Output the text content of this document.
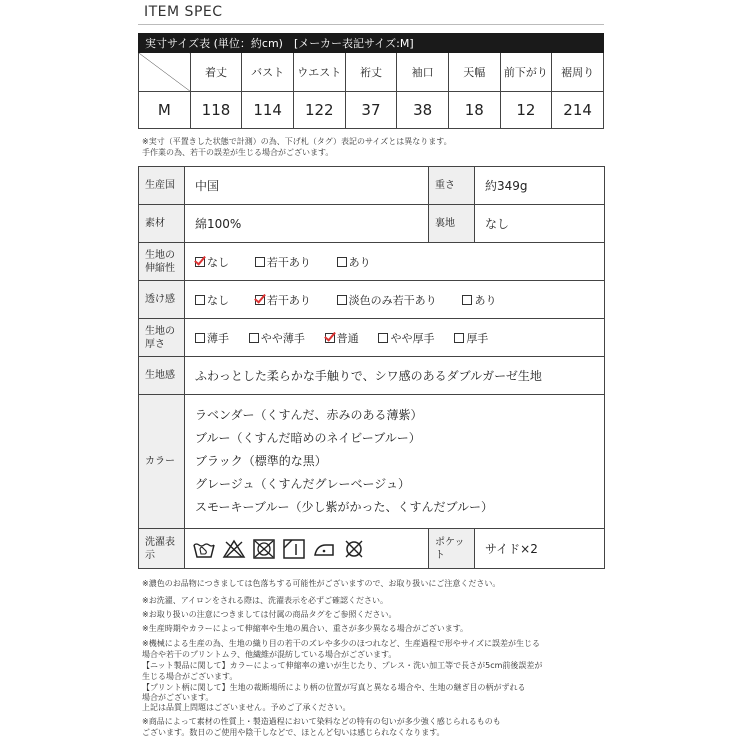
ITEM SPEC
実寸サイズ表 (単位：約cm)　[メーカー表記サイズ:M]								
	着丈	バスト	ウエスト	裄丈	袖口	天幅	前下がり	裾周り
M	118	114	122	37	38	18	12	214
※実寸（平置きした状態で計測）の為、下げ札（タグ）表記のサイズとは異なります。
手作業の為、若干の誤差が生じる場合がございます。
生産国	中国	重さ	約349g
素材	綿100%	裏地	なし
生地の伸縮性	なし 若干あり あり		
透け感	なし 若干あり 淡色のみ若干あり あり		
生地の厚さ	薄手 やや薄手 普通 やや厚手 厚手		
生地感	ふわっとした柔らかな手触りで、シワ感のあるダブルガーゼ生地		
カラー	ラベンダー（くすんだ、赤みのある薄紫）
ブルー（くすんだ暗めのネイビーブルー）
ブラック（標準的な黒）
グレージュ（くすんだグレーベージュ）
スモーキーブルー（少し紫がかった、くすんだブルー）		

洗濯表示		ポケット	サイド×2
※濃色のお品物につきましては色落ちする可能性がございますので、お取り扱いにご注意ください。
※お洗濯、アイロンをされる際は、洗濯表示を必ずご確認ください。
※お取り扱いの注意につきましては付属の商品タグをご参照ください。
※生産時期やカラーによって伸縮率や生地の風合い、重さが多少異なる場合がございます。
※機械による生産の為、生地の織り目の若干のズレや多少のほつれなど、生産過程で形やサイズに誤差が生じる
場合や若干のプリントムラ、他繊維が混紡している場合がございます。
【ニット製品に関して】カラーによって伸縮率の違いが生じたり、プレス・洗い加工等で長さが5cm前後誤差が
生じる場合がございます。
【プリント柄に関して】生地の裁断場所により柄の位置が写真と異なる場合や、生地の継ぎ目の柄がずれる
場合がございます。
上記は品質上問題はございません。予めご了承ください。
※商品によって素材の性質上・製造過程において染料などの特有の匂いが多少強く感じられるものも
ございます。数日のご使用や陰干しなどで、ほとんど匂いは感じられなくなります。
